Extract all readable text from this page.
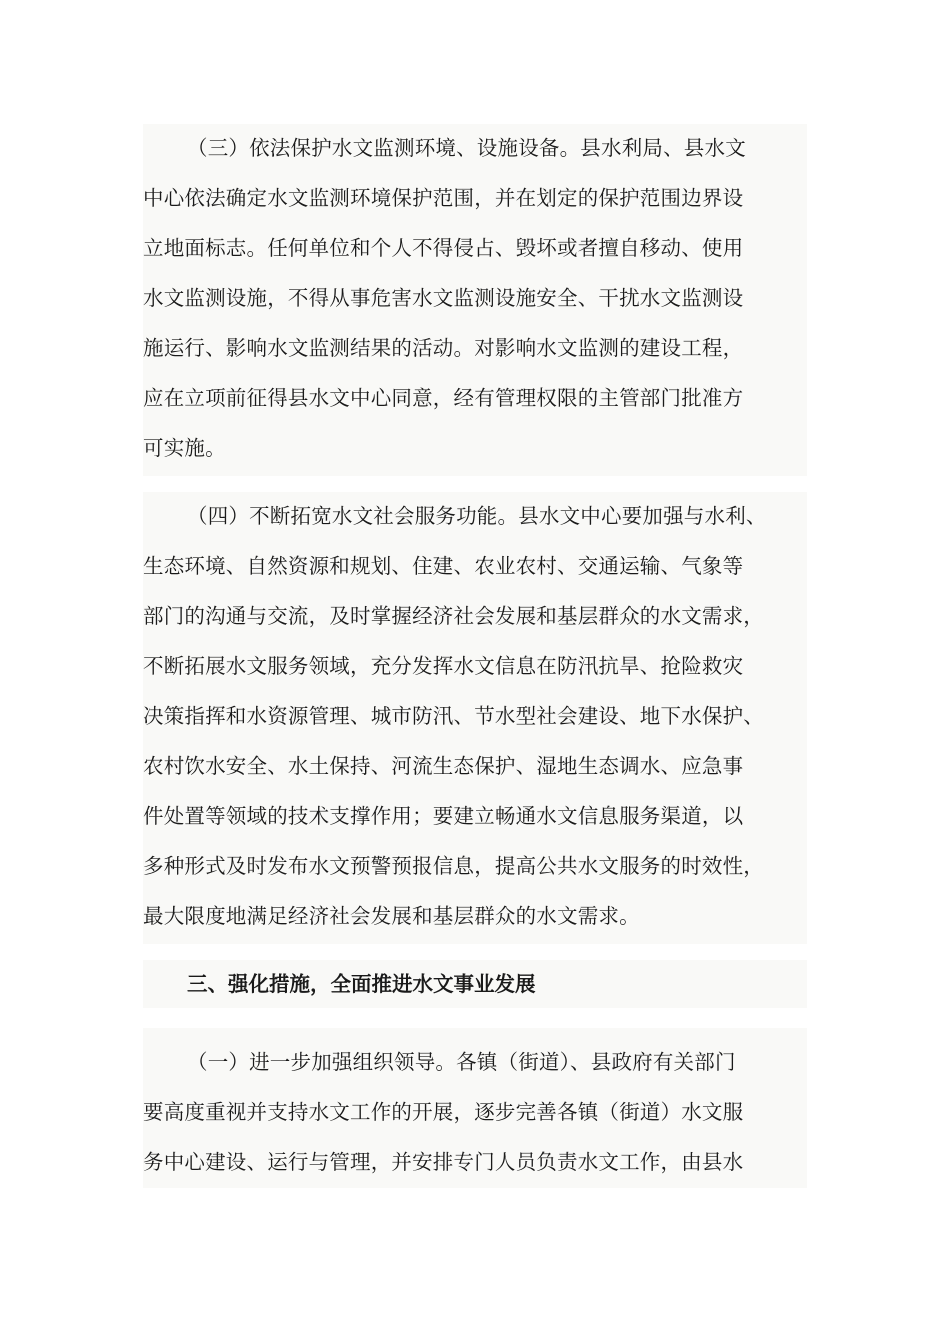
（三）依法保护水文监测环境、设施设备。县水利局、县水文
中心依法确定水文监测环境保护范围，并在划定的保护范围边界设
立地面标志。任何单位和个人不得侵占、毁坏或者擅自移动、使用
水文监测设施，不得从事危害水文监测设施安全、干扰水文监测设
施运行、影响水文监测结果的活动。对影响水文监测的建设工程，
应在立项前征得县水文中心同意，经有管理权限的主管部门批准方
可实施。
（四）不断拓宽水文社会服务功能。县水文中心要加强与水利、
生态环境、自然资源和规划、住建、农业农村、交通运输、气象等
部门的沟通与交流，及时掌握经济社会发展和基层群众的水文需求，
不断拓展水文服务领域，充分发挥水文信息在防汛抗旱、抢险救灾
决策指挥和水资源管理、城市防汛、节水型社会建设、地下水保护、
农村饮水安全、水土保持、河流生态保护、湿地生态调水、应急事
件处置等领域的技术支撑作用；要建立畅通水文信息服务渠道，以
多种形式及时发布水文预警预报信息，提高公共水文服务的时效性，
最大限度地满足经济社会发展和基层群众的水文需求。
三、强化措施，全面推进水文事业发展
（一）进一步加强组织领导。各镇（街道）、县政府有关部门
要高度重视并支持水文工作的开展，逐步完善各镇（街道）水文服
务中心建设、运行与管理，并安排专门人员负责水文工作，由县水
